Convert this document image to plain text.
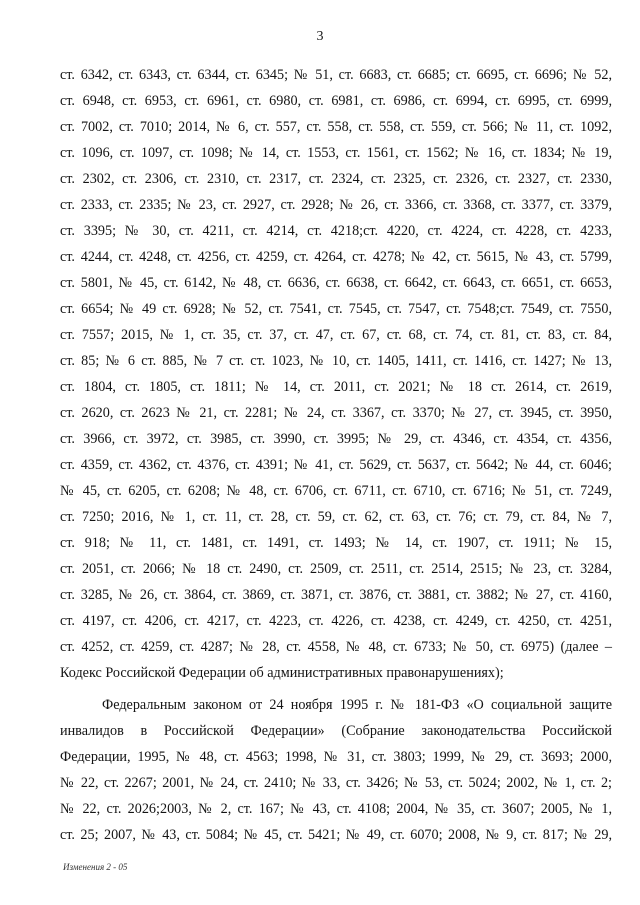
3
ст. 6342, ст. 6343, ст. 6344, ст. 6345; № 51, ст. 6683, ст. 6685; ст. 6695, ст. 6696; № 52,
ст. 6948, ст. 6953, ст. 6961, ст. 6980, ст. 6981, ст. 6986, ст. 6994, ст. 6995, ст. 6999,
ст. 7002, ст. 7010; 2014, № 6, ст. 557, ст. 558, ст. 558, ст. 559, ст. 566; № 11, ст. 1092,
ст. 1096, ст. 1097, ст. 1098; № 14, ст. 1553, ст. 1561, ст. 1562; № 16, ст. 1834; № 19,
ст. 2302, ст. 2306, ст. 2310, ст. 2317, ст. 2324, ст. 2325, ст. 2326, ст. 2327, ст. 2330,
ст. 2333, ст. 2335; № 23, ст. 2927, ст. 2928; № 26, ст. 3366, ст. 3368, ст. 3377, ст. 3379,
ст. 3395; № 30, ст. 4211, ст. 4214, ст. 4218;ст. 4220, ст. 4224, ст. 4228, ст. 4233,
ст. 4244, ст. 4248, ст. 4256, ст. 4259, ст. 4264, ст. 4278; № 42, ст. 5615, № 43, ст. 5799,
ст. 5801, № 45, ст. 6142, № 48, ст. 6636, ст. 6638, ст. 6642, ст. 6643, ст. 6651, ст. 6653,
ст. 6654; № 49 ст. 6928; № 52, ст. 7541, ст. 7545, ст. 7547, ст. 7548;ст. 7549, ст. 7550,
ст. 7557; 2015, № 1, ст. 35, ст. 37, ст. 47, ст. 67, ст. 68, ст. 74, ст. 81, ст. 83, ст. 84,
ст. 85; № 6 ст. 885, № 7 ст. ст. 1023, № 10, ст. 1405, 1411, ст. 1416, ст. 1427; № 13,
ст. 1804, ст. 1805, ст. 1811; № 14, ст. 2011, ст. 2021; № 18 ст. 2614, ст. 2619,
ст. 2620, ст. 2623 № 21, ст. 2281; № 24, ст. 3367, ст. 3370; № 27, ст. 3945, ст. 3950,
ст. 3966, ст. 3972, ст. 3985, ст. 3990, ст. 3995; № 29, ст. 4346, ст. 4354, ст. 4356,
ст. 4359, ст. 4362, ст. 4376, ст. 4391; № 41, ст. 5629, ст. 5637, ст. 5642; № 44, ст. 6046;
№ 45, ст. 6205, ст. 6208; № 48, ст. 6706, ст. 6711, ст. 6710, ст. 6716; № 51, ст. 7249,
ст. 7250; 2016, № 1, ст. 11, ст. 28, ст. 59, ст. 62, ст. 63, ст. 76; ст. 79, ст. 84, № 7,
ст. 918; № 11, ст. 1481, ст. 1491, ст. 1493; № 14, ст. 1907, ст. 1911; № 15,
ст. 2051, ст. 2066; № 18 ст. 2490, ст. 2509, ст. 2511, ст. 2514, 2515; № 23, ст. 3284,
ст. 3285, № 26, ст. 3864, ст. 3869, ст. 3871, ст. 3876, ст. 3881, ст. 3882; № 27, ст. 4160,
ст. 4197, ст. 4206, ст. 4217, ст. 4223, ст. 4226, ст. 4238, ст. 4249, ст. 4250, ст. 4251,
ст. 4252, ст. 4259, ст. 4287; № 28, ст. 4558, № 48, ст. 6733; № 50, ст. 6975) (далее –
Кодекс Российской Федерации об административных правонарушениях);
Федеральным законом от 24 ноября 1995 г. № 181-ФЗ «О социальной защите
инвалидов в Российской Федерации» (Собрание законодательства Российской
Федерации, 1995, № 48, ст. 4563; 1998, № 31, ст. 3803; 1999, № 29, ст. 3693; 2000,
№ 22, ст. 2267; 2001, № 24, ст. 2410; № 33, ст. 3426; № 53, ст. 5024; 2002, № 1, ст. 2;
№ 22, ст. 2026;2003, № 2, ст. 167; № 43, ст. 4108; 2004, № 35, ст. 3607; 2005, № 1,
ст. 25; 2007, № 43, ст. 5084; № 45, ст. 5421; № 49, ст. 6070; 2008, № 9, ст. 817; № 29,
Изменения 2 - 05
